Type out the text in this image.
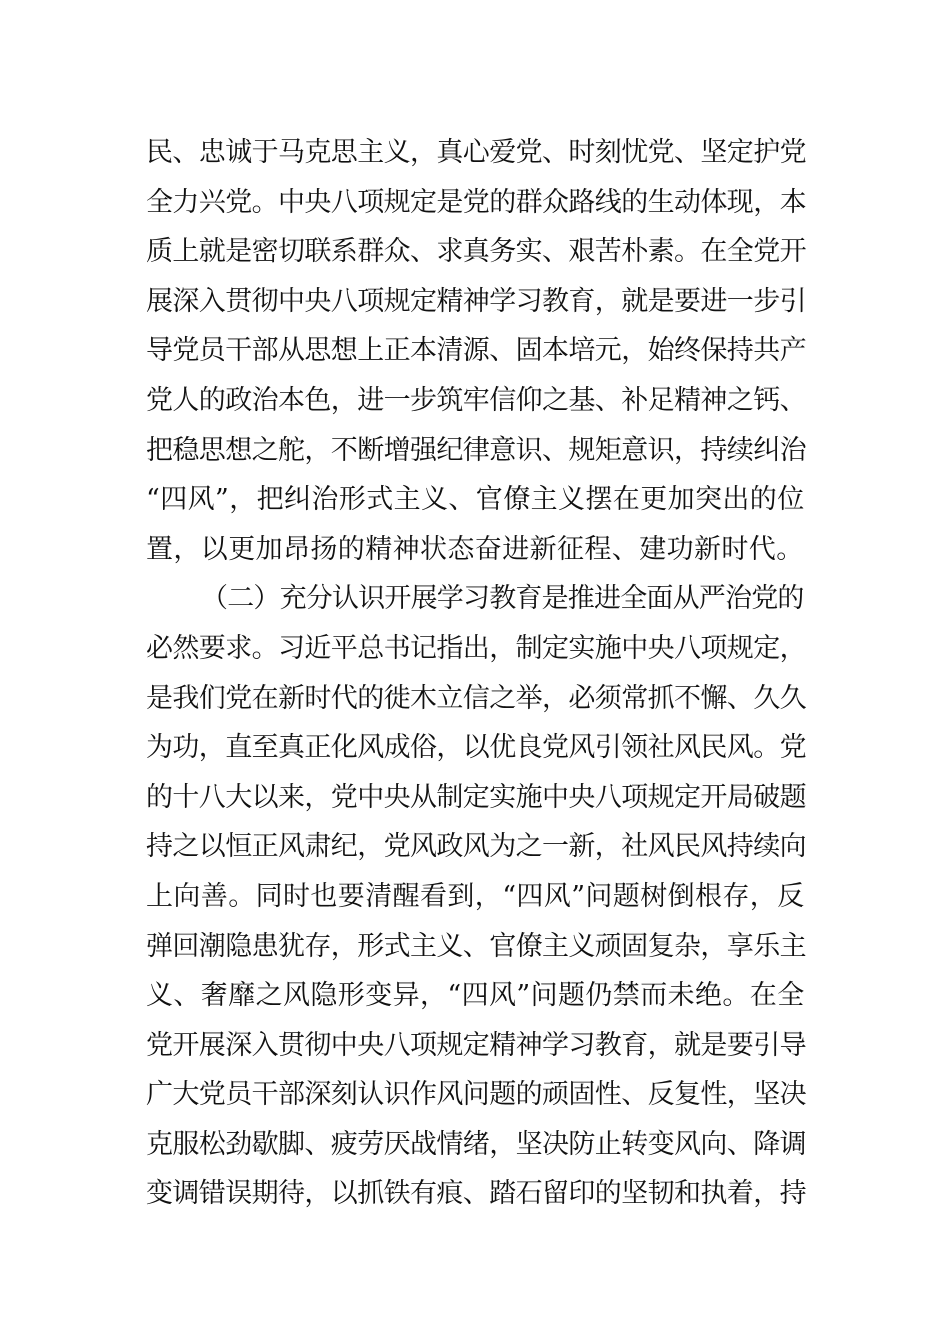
民、忠诚于马克思主义，真心爱党、时刻忧党、坚定护党
全力兴党。中央八项规定是党的群众路线的生动体现，本
质上就是密切联系群众、求真务实、艰苦朴素。在全党开
展深入贯彻中央八项规定精神学习教育，就是要进一步引
导党员干部从思想上正本清源、固本培元，始终保持共产
党人的政治本色，进一步筑牢信仰之基、补足精神之钙、
把稳思想之舵，不断增强纪律意识、规矩意识，持续纠治
“四风”，把纠治形式主义、官僚主义摆在更加突出的位
置，以更加昂扬的精神状态奋进新征程、建功新时代。
（二）充分认识开展学习教育是推进全面从严治党的
必然要求。习近平总书记指出，制定实施中央八项规定，
是我们党在新时代的徙木立信之举，必须常抓不懈、久久
为功，直至真正化风成俗，以优良党风引领社风民风。党
的十八大以来，党中央从制定实施中央八项规定开局破题
持之以恒正风肃纪，党风政风为之一新，社风民风持续向
上向善。同时也要清醒看到，“四风”问题树倒根存，反
弹回潮隐患犹存，形式主义、官僚主义顽固复杂，享乐主
义、奢靡之风隐形变异，“四风”问题仍禁而未绝。在全
党开展深入贯彻中央八项规定精神学习教育，就是要引导
广大党员干部深刻认识作风问题的顽固性、反复性，坚决
克服松劲歇脚、疲劳厌战情绪，坚决防止转变风向、降调
变调错误期待，以抓铁有痕、踏石留印的坚韧和执着，持
